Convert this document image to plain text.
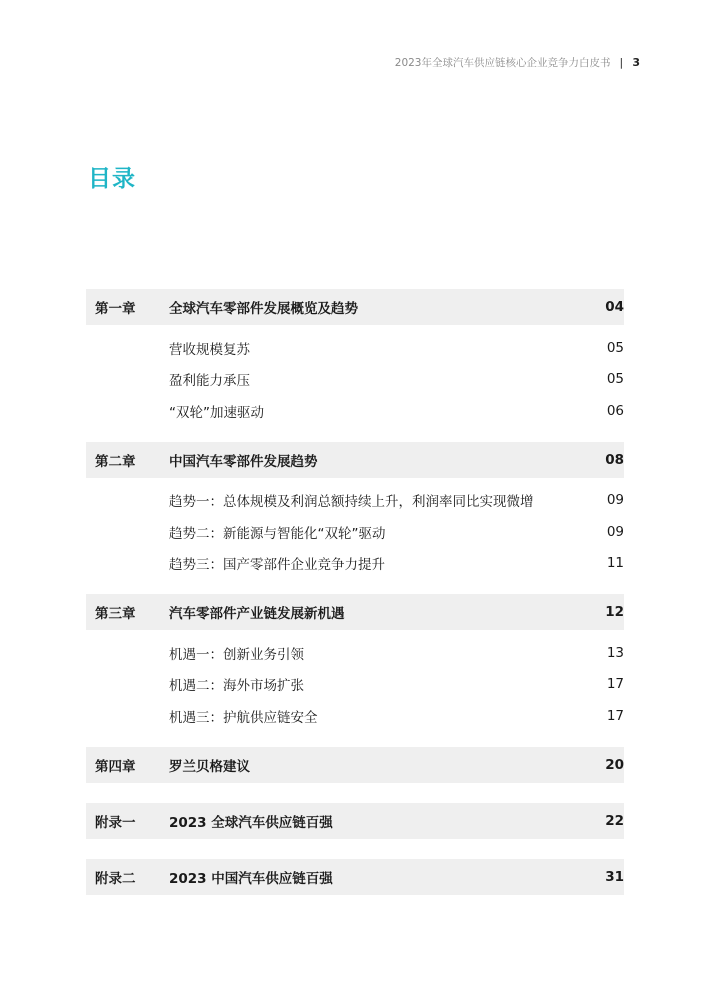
2023年全球汽车供应链核心企业竞争力白皮书 | 3
目录
第一章	全球汽车零部件发展概览及趋势	04
营收规模复苏	05
盈利能力承压	05
“双轮”加速驱动	06
第二章	中国汽车零部件发展趋势	08
趋势一：总体规模及利润总额持续上升，利润率同比实现微增	09
趋势二：新能源与智能化“双轮”驱动	09
趋势三：国产零部件企业竞争力提升	11
第三章	汽车零部件产业链发展新机遇	12
机遇一：创新业务引领	13
机遇二：海外市场扩张	17
机遇三：护航供应链安全	17
第四章	罗兰贝格建议	20
附录一	2023 全球汽车供应链百强	22
附录二	2023 中国汽车供应链百强	31
